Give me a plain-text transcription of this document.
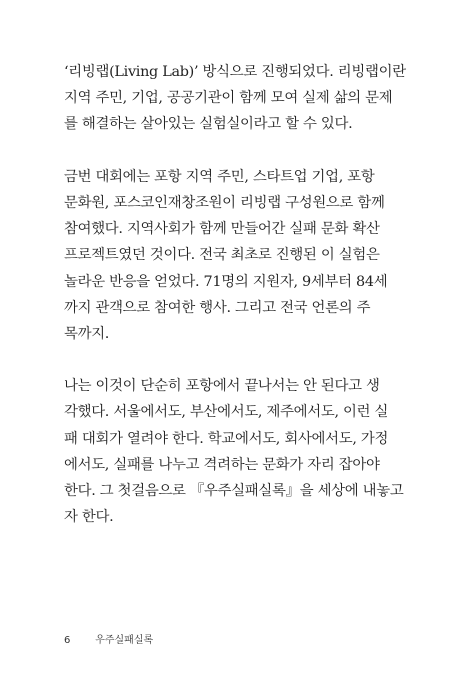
‘리빙랩(Living Lab)’ 방식으로 진행되었다. 리빙랩이란
지역 주민, 기업, 공공기관이 함께 모여 실제 삶의 문제
를 해결하는 살아있는 실험실이라고 할 수 있다.
금번 대회에는 포항 지역 주민, 스타트업 기업, 포항
문화원, 포스코인재창조원이 리빙랩 구성원으로 함께
참여했다. 지역사회가 함께 만들어간 실패 문화 확산
프로젝트였던 것이다. 전국 최초로 진행된 이 실험은
놀라운 반응을 얻었다. 71명의 지원자, 9세부터 84세
까지 관객으로 참여한 행사. 그리고 전국 언론의 주
목까지.
나는 이것이 단순히 포항에서 끝나서는 안 된다고 생
각했다. 서울에서도, 부산에서도, 제주에서도, 이런 실
패 대회가 열려야 한다. 학교에서도, 회사에서도, 가정
에서도, 실패를 나누고 격려하는 문화가 자리 잡아야
한다. 그 첫걸음으로 『우주실패실록』을 세상에 내놓고
자 한다.
6 우주실패실록
